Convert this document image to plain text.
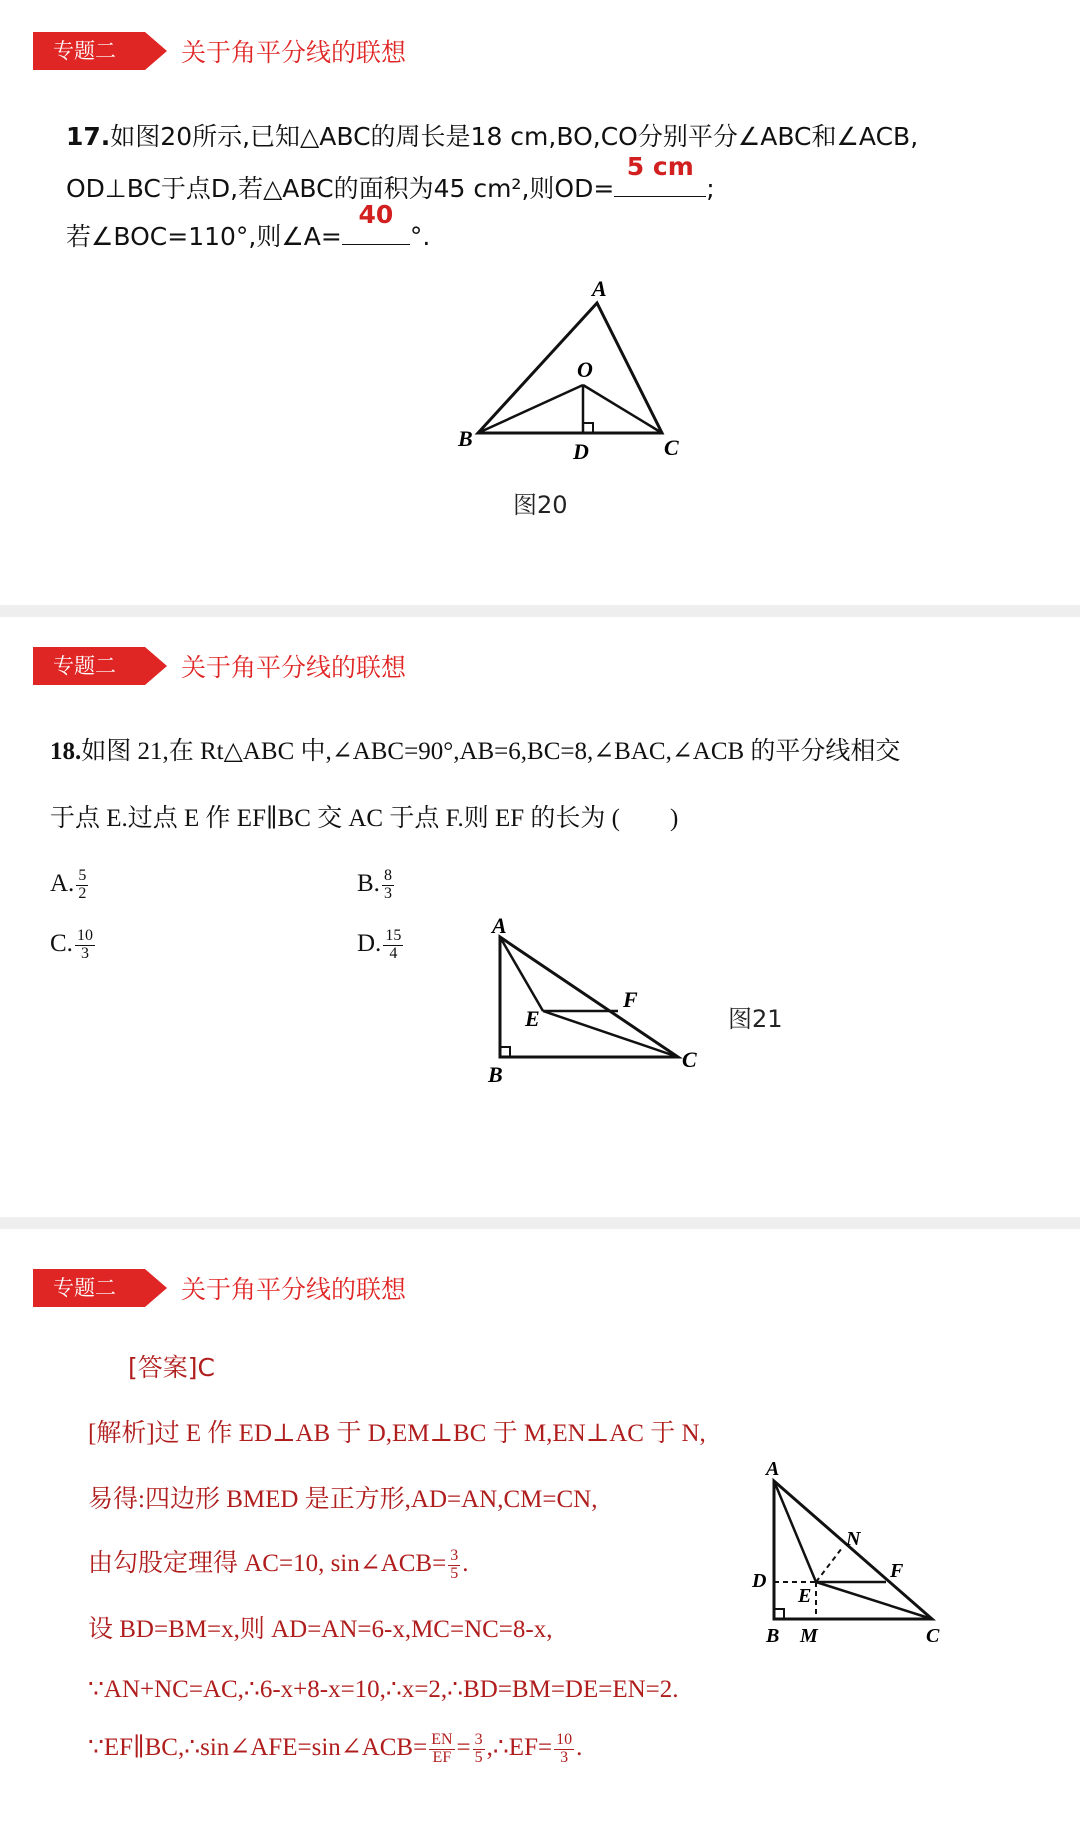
专题二	关于角平分线的联想
17.如图20所示,已知△ABC的周长是18 cm,BO,CO分别平分∠ABC和∠ACB,
OD⊥BC于点D,若△ABC的面积为45 cm²,则OD=
5 cm
;
若∠BOC=110°,则∠A=
40
°.
A
B	C
O
D
图20
专题二	关于角平分线的联想
18.如图 21,在 Rt△ABC 中,∠ABC=90°,AB=6,BC=8,∠BAC,∠ACB 的平分线相交
于点 E.过点 E 作 EF∥BC 交 AC 于点 F.则 EF 的长为 (　　)
A. $\frac{5}{2}$	B. $\frac{8}{3}$
C. $\frac{10}{3}$	D. $\frac{15}{4}$
A
B
C
E
F
图21
专题二	关于角平分线的联想
[答案]C
[解析]过 E 作 ED⊥AB 于 D,EM⊥BC 于 M,EN⊥AC 于 N,
易得:四边形 BMED 是正方形,AD=AN,CM=CN,
由勾股定理得 AC=10, sin∠ACB= $\frac{3}{5}$ .
设 BD=BM=x,则 AD=AN=6-x,MC=NC=8-x,
∵AN+NC=AC,∴6-x+8-x=10,∴x=2,∴BD=BM=DE=EN=2.
∵EF∥BC,∴sin∠AFE=sin∠ACB= $\frac{EN}{EF} = \frac{3}{5}$ ,∴EF= $\frac{10}{3}$ .
A
B	C
D
E
F
M
N
